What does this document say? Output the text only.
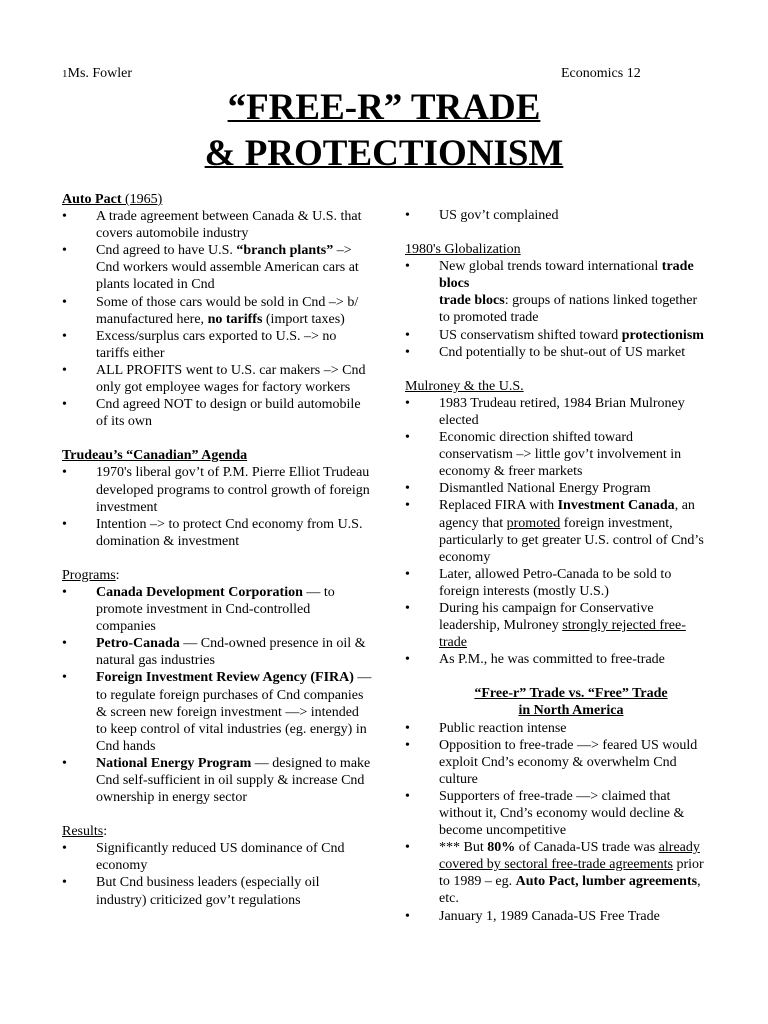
1Ms. Fowler	Economics 12
“FREE-R” TRADE
& PROTECTIONISM
Auto Pact (1965)
• A trade agreement between Canada & U.S. that covers automobile industry
• Cnd agreed to have U.S. “branch plants” –> Cnd workers would assemble American cars at plants located in Cnd
• Some of those cars would be sold in Cnd –> b/ manufactured here, no tariffs (import taxes)
• Excess/surplus cars exported to U.S. –> no tariffs either
• ALL PROFITS went to U.S. car makers –> Cnd only got employee wages for factory workers
• Cnd agreed NOT to design or build automobile of its own
Trudeau’s “Canadian” Agenda
• 1970's liberal gov’t of P.M. Pierre Elliot Trudeau developed programs to control growth of foreign investment
• Intention –> to protect Cnd economy from U.S. domination & investment
Programs:
• Canada Development Corporation — to promote investment in Cnd-controlled companies
• Petro-Canada — Cnd-owned presence in oil & natural gas industries
• Foreign Investment Review Agency (FIRA) — to regulate foreign purchases of Cnd companies & screen new foreign investment —> intended to keep control of vital industries (eg. energy) in Cnd hands
• National Energy Program — designed to make Cnd self-sufficient in oil supply & increase Cnd ownership in energy sector
Results:
• Significantly reduced US dominance of Cnd economy
• But Cnd business leaders (especially oil industry) criticized gov’t regulations
• US gov’t complained
1980's Globalization
• New global trends toward international trade blocs
trade blocs: groups of nations linked together to promoted trade
• US conservatism shifted toward protectionism
• Cnd potentially to be shut-out of US market
Mulroney & the U.S.
• 1983 Trudeau retired, 1984 Brian Mulroney elected
• Economic direction shifted toward conservatism –> little gov’t involvement in economy & freer markets
• Dismantled National Energy Program
• Replaced FIRA with Investment Canada, an agency that promoted foreign investment, particularly to get greater U.S. control of Cnd’s economy
• Later, allowed Petro-Canada to be sold to foreign interests (mostly U.S.)
• During his campaign for Conservative leadership, Mulroney strongly rejected free-trade
• As P.M., he was committed to free-trade
“Free-r” Trade vs. “Free” Trade
in North America
• Public reaction intense
• Opposition to free-trade —> feared US would exploit Cnd’s economy & overwhelm Cnd culture
• Supporters of free-trade —> claimed that without it, Cnd’s economy would decline & become uncompetitive
• *** But 80% of Canada-US trade was already covered by sectoral free-trade agreements prior to 1989 – eg. Auto Pact, lumber agreements, etc.
• January 1, 1989 Canada-US Free Trade
